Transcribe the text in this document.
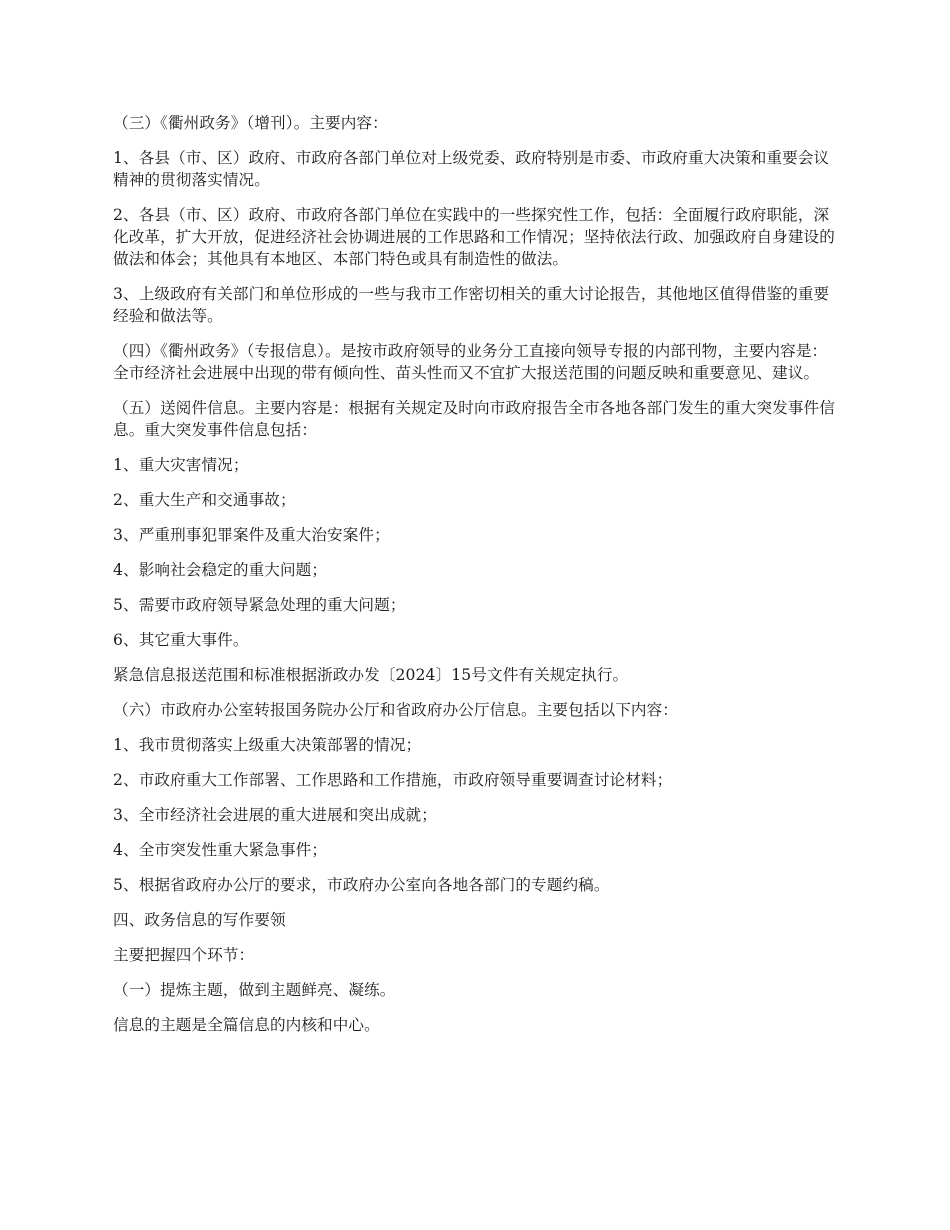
（三）《衢州政务》（增刊）。主要内容：

1、各县（市、区）政府、市政府各部门单位对上级党委、政府特别是市委、市政府重大决策和重要会议精神的贯彻落实情况。

2、各县（市、区）政府、市政府各部门单位在实践中的一些探究性工作，包括：全面履行政府职能，深化改革，扩大开放，促进经济社会协调进展的工作思路和工作情况；坚持依法行政、加强政府自身建设的做法和体会；其他具有本地区、本部门特色或具有制造性的做法。

3、上级政府有关部门和单位形成的一些与我市工作密切相关的重大讨论报告，其他地区值得借鉴的重要经验和做法等。

（四）《衢州政务》（专报信息）。是按市政府领导的业务分工直接向领导专报的内部刊物，主要内容是：全市经济社会进展中出现的带有倾向性、苗头性而又不宜扩大报送范围的问题反映和重要意见、建议。

（五）送阅件信息。主要内容是：根据有关规定及时向市政府报告全市各地各部门发生的重大突发事件信息。重大突发事件信息包括：

1、重大灾害情况；

2、重大生产和交通事故；

3、严重刑事犯罪案件及重大治安案件；

4、影响社会稳定的重大问题；

5、需要市政府领导紧急处理的重大问题；

6、其它重大事件。

紧急信息报送范围和标准根据浙政办发〔2024〕15号文件有关规定执行。

（六）市政府办公室转报国务院办公厅和省政府办公厅信息。主要包括以下内容：

1、我市贯彻落实上级重大决策部署的情况；

2、市政府重大工作部署、工作思路和工作措施，市政府领导重要调查讨论材料；

3、全市经济社会进展的重大进展和突出成就；

4、全市突发性重大紧急事件；

5、根据省政府办公厅的要求，市政府办公室向各地各部门的专题约稿。

四、政务信息的写作要领

主要把握四个环节：

（一）提炼主题，做到主题鲜亮、凝练。

信息的主题是全篇信息的内核和中心。
